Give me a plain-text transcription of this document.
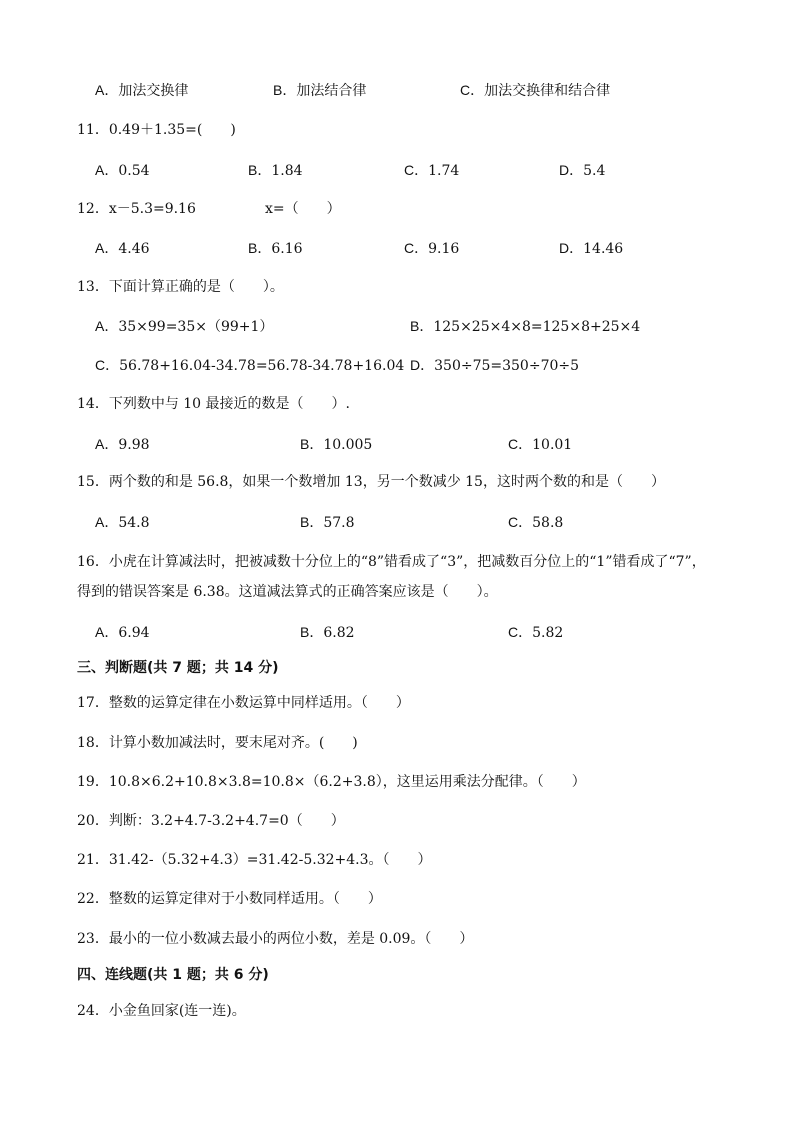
A．加法交换律	B．加法结合律	C．加法交换律和结合律
11．0.49＋1.35=(　　)
A．0.54	B．1.84	C．1.74	D．5.4
12．x－5.3=9.16	x=（　　）
A．4.46	B．6.16	C．9.16	D．14.46
13．下面计算正确的是（　　）。
A．35×99=35×（99+1）	B．125×25×4×8=125×8+25×4
C．56.78+16.04-34.78=56.78-34.78+16.04 D．350÷75=350÷70÷5
14．下列数中与 10 最接近的数是（　　）.
A．9.98	B．10.005	C．10.01
15．两个数的和是 56.8，如果一个数增加 13，另一个数减少 15，这时两个数的和是（　　）
A．54.8	B．57.8	C．58.8
16．小虎在计算减法时，把被减数十分位上的“8”错看成了“3”，把减数百分位上的“1”错看成了“7”，
得到的错误答案是 6.38。这道减法算式的正确答案应该是（　　）。
A．6.94	B．6.82	C．5.82
三、判断题(共 7 题；共 14 分)
17．整数的运算定律在小数运算中同样适用。（　　）
18．计算小数加减法时，要末尾对齐。(　　)
19．10.8×6.2+10.8×3.8=10.8×（6.2+3.8），这里运用乘法分配律。（　　）
20．判断：3.2+4.7-3.2+4.7=0（　　）
21．31.42-（5.32+4.3）=31.42-5.32+4.3。（　　）
22．整数的运算定律对于小数同样适用。（　　）
23．最小的一位小数减去最小的两位小数，差是 0.09。（　　）
四、连线题(共 1 题；共 6 分)
24．小金鱼回家(连一连)。
